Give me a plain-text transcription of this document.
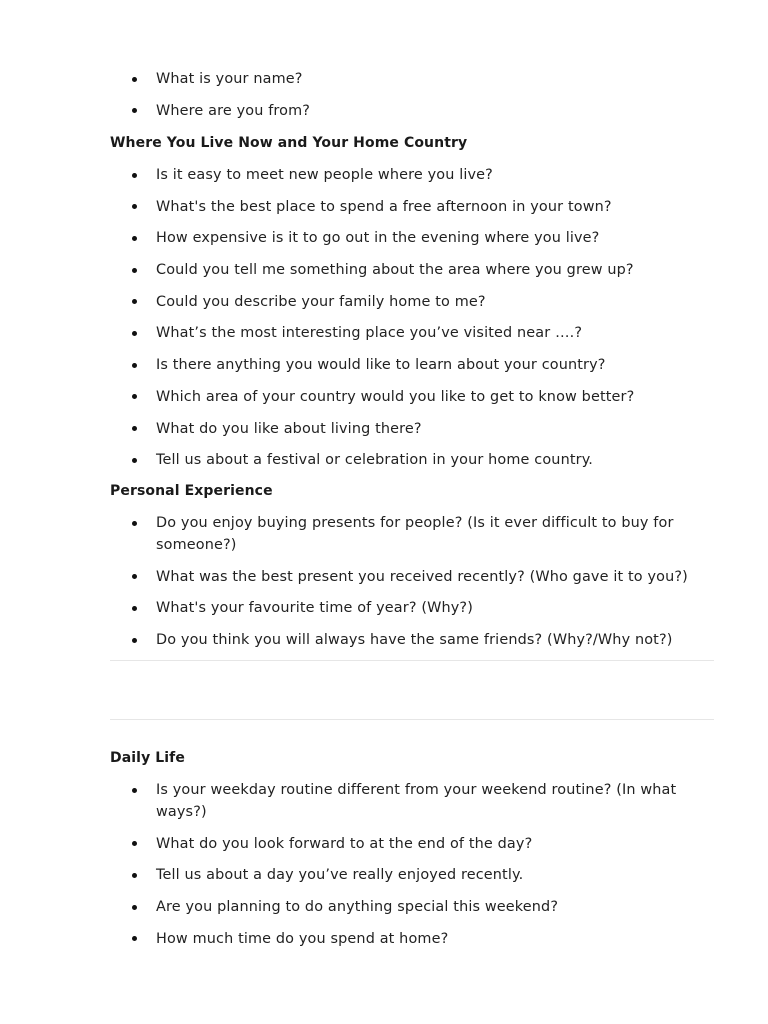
What is your name?
Where are you from?
Where You Live Now and Your Home Country
Is it easy to meet new people where you live?
What's the best place to spend a free afternoon in your town?
How expensive is it to go out in the evening where you live?
Could you tell me something about the area where you grew up?
Could you describe your family home to me?
What’s the most interesting place you’ve visited near ….?
Is there anything you would like to learn about your country?
Which area of your country would you like to get to know better?
What do you like about living there?
Tell us about a festival or celebration in your home country.
Personal Experience
Do you enjoy buying presents for people? (Is it ever difficult to buy for someone?)
What was the best present you received recently? (Who gave it to you?)
What's your favourite time of year? (Why?)
Do you think you will always have the same friends? (Why?/Why not?)
Daily Life
Is your weekday routine different from your weekend routine? (In what ways?)
What do you look forward to at the end of the day?
Tell us about a day you’ve really enjoyed recently.
Are you planning to do anything special this weekend?
How much time do you spend at home?
